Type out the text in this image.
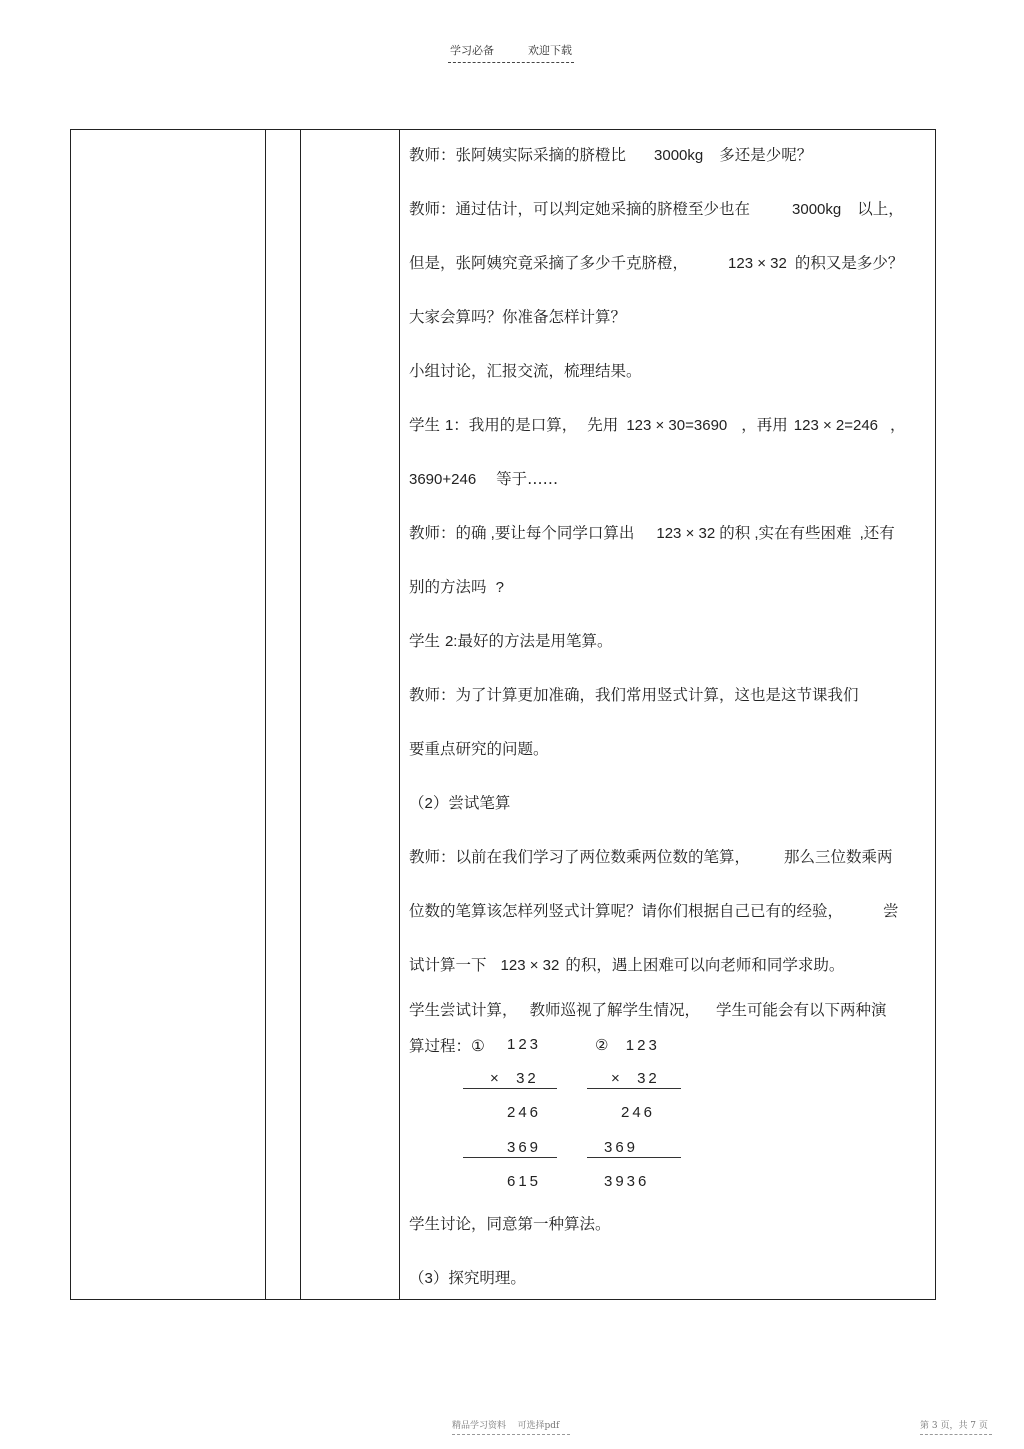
学习必备	欢迎下载
教师：张阿姨实际采摘的脐橙比 3000kg 多还是少呢？
教师：通过估计，可以判定她采摘的脐橙至少也在	3000kg 以上，
但是，张阿姨究竟采摘了多少千克脐橙，	123 × 32 的积又是多少？
大家会算吗？你准备怎样计算？
小组讨论，汇报交流，梳理结果。
学生 1：我用的是口算， 先用 123 × 30=3690 ，再用 123 × 2=246 ，
3690+246 等于……
教师：的确 ,要让每个同学口算出 123 × 32 的积 ,实在有些困难 ,还有
别的方法吗  ?
学生 2:最好的方法是用笔算。
教师：为了计算更加准确，我们常用竖式计算，这也是这节课我们
要重点研究的问题。
（2）尝试笔算
教师：以前在我们学习了两位数乘两位数的笔算， 那么三位数乘两
位数的笔算该怎样列竖式计算呢？请你们根据自己已有的经验，	尝
试计算一下 123 × 32 的积，遇上困难可以向老师和同学求助。
学生尝试计算， 教师巡视了解学生情况， 学生可能会有以下两种演
算过程：①
学生讨论，同意第一种算法。
（3）探究明理。
123	②  123
×  32	×  32
246	246
369	369
615	3936
精品学习资料    可选择pdf	第 3 页，共 7 页
